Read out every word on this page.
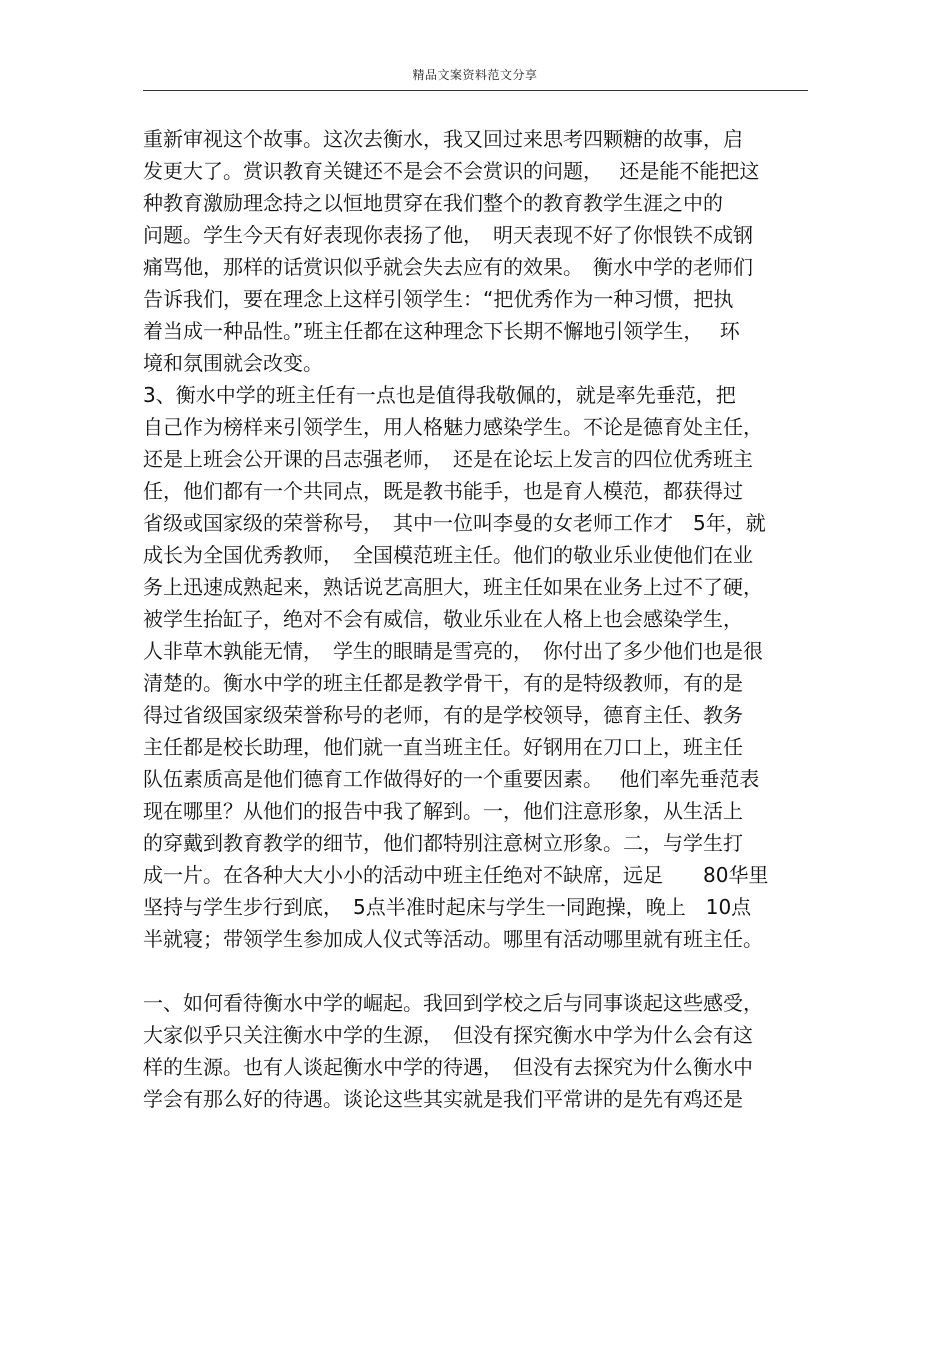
精品文案资料范文分享
重新审视这个故事。这次去衡水，我又回过来思考四颗糖的故事，启
发更大了。赏识教育关键还不是会不会赏识的问题，　 还是能不能把这
种教育激励理念持之以恒地贯穿在我们整个的教育教学生涯之中的
问题。学生今天有好表现你表扬了他，　明天表现不好了你恨铁不成钢
痛骂他，那样的话赏识似乎就会失去应有的效果。　衡水中学的老师们
告诉我们，要在理念上这样引领学生：“把优秀作为一种习惯，把执
着当成一种品性。”班主任都在这种理念下长期不懈地引领学生，　 环
境和氛围就会改变。
3、衡水中学的班主任有一点也是值得我敬佩的，就是率先垂范，把
自己作为榜样来引领学生，用人格魅力感染学生。不论是德育处主任，
还是上班会公开课的吕志强老师，　还是在论坛上发言的四位优秀班主
任，他们都有一个共同点，既是教书能手，也是育人模范，都获得过
省级或国家级的荣誉称号，　其中一位叫李曼的女老师工作才　5年，就
成长为全国优秀教师，　全国模范班主任。他们的敬业乐业使他们在业
务上迅速成熟起来，熟话说艺高胆大，班主任如果在业务上过不了硬，
被学生抬缸子，绝对不会有威信，敬业乐业在人格上也会感染学生，
人非草木孰能无情，　学生的眼睛是雪亮的，　你付出了多少他们也是很
清楚的。衡水中学的班主任都是教学骨干，有的是特级教师，有的是
得过省级国家级荣誉称号的老师，有的是学校领导，德育主任、教务
主任都是校长助理，他们就一直当班主任。好钢用在刀口上，班主任
队伍素质高是他们德育工作做得好的一个重要因素。　 他们率先垂范表
现在哪里？从他们的报告中我了解到。一，他们注意形象，从生活上
的穿戴到教育教学的细节，他们都特别注意树立形象。二，与学生打
成一片。在各种大大小小的活动中班主任绝对不缺席，远足　　80华里
坚持与学生步行到底，　5点半准时起床与学生一同跑操，晚上　10点
半就寝；带领学生参加成人仪式等活动。哪里有活动哪里就有班主任。
一、如何看待衡水中学的崛起。我回到学校之后与同事谈起这些感受，
大家似乎只关注衡水中学的生源，　但没有探究衡水中学为什么会有这
样的生源。也有人谈起衡水中学的待遇，　但没有去探究为什么衡水中
学会有那么好的待遇。谈论这些其实就是我们平常讲的是先有鸡还是
